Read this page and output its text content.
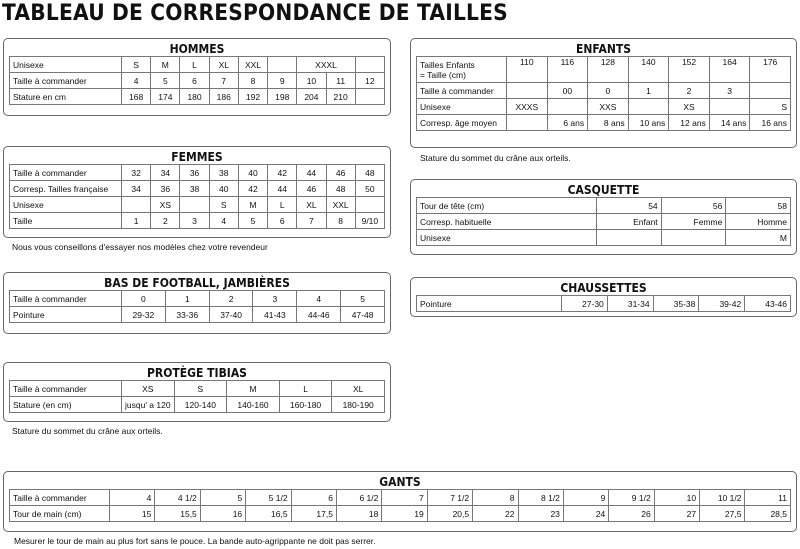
TABLEAU DE CORRESPONDANCE DE TAILLES
HOMMES
Unisexe	S	M	L	XL	XXL		XXXL		
Taille à commander	4	5	6	7	8	9	10	11	12
Stature en cm	168	174	180	186	192	198	204	210	
FEMMES
Taille à commander	32	34	36	38	40	42	44	46	48
Corresp. Tailles française	34	36	38	40	42	44	46	48	50
Unisexe		XS		S	M	L	XL	XXL	
Taille	1	2	3	4	5	6	7	8	9/10
Nous vous conseillons d'essayer nos modèles chez votre revendeur
BAS DE FOOTBALL, JAMBIÈRES
Taille à commander	0	1	2	3	4	5
Pointure	29-32	33-36	37-40	41-43	44-46	47-48
PROTÈGE TIBIAS
Taille à commander	XS	S	M	L	XL
Stature (en cm)	jusqu' a 120	120-140	140-160	160-180	180-190
Stature du sommet du crâne aux orteils.
ENFANTS
Tailles Enfants
= Taille (cm)	110	116	128	140	152	164	176
Taille à commander		00	0	1	2	3	
Unisexe	XXXS		XXS		XS		S
Corresp. âge moyen		6 ans	8 ans	10 ans	12 ans	14 ans	16 ans
Stature du sommet du crâne aux orteils.
CASQUETTE
Tour de tête (cm)	54	56	58
Corresp. habituelle	Enfant	Femme	Homme
Unisexe			M
CHAUSSETTES
Pointure	27-30	31-34	35-38	39-42	43-46
GANTS
Taille à commander	4	4 1/2	5	5 1/2	6	6 1/2	7	7 1/2	8	8 1/2	9	9 1/2	10	10 1/2	11
Tour de main (cm)	15	15,5	16	16,5	17,5	18	19	20,5	22	23	24	26	27	27,5	28,5
Mesurer le tour de main au plus fort sans le pouce. La bande auto-agrippante ne doit pas serrer.
